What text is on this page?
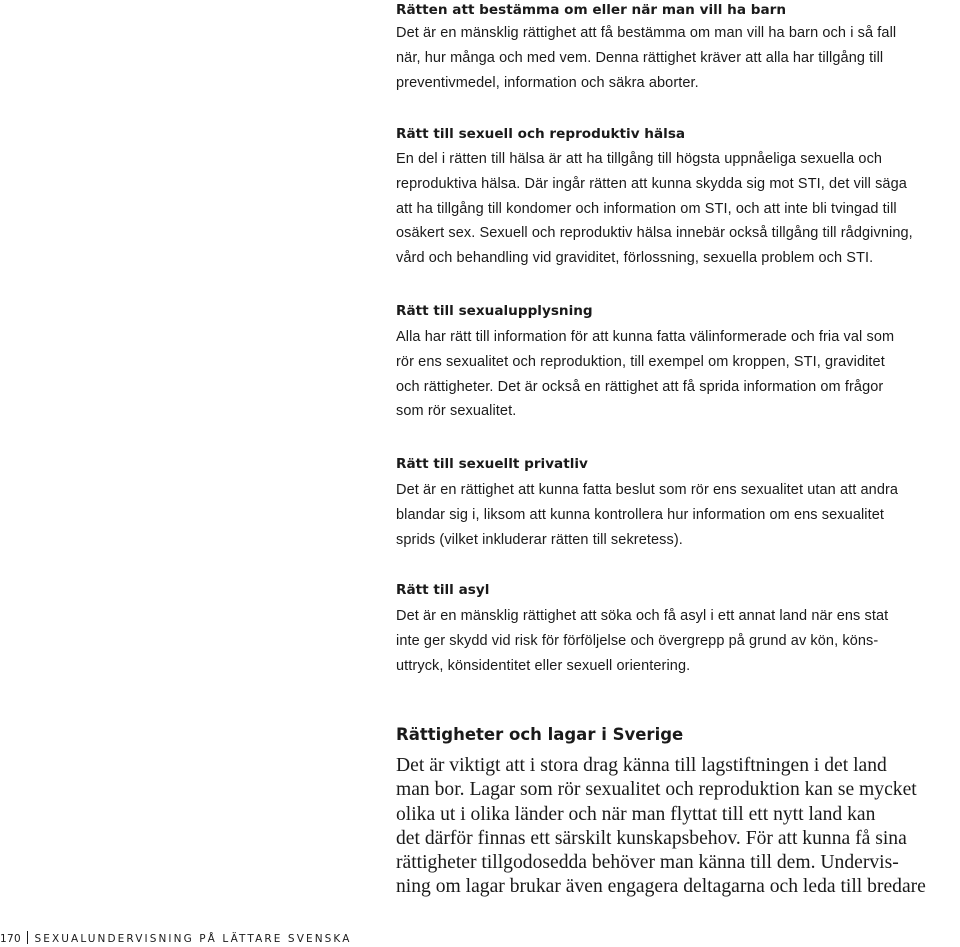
Rätten att bestämma om eller när man vill ha barn
Det är en mänsklig rättighet att få bestämma om man vill ha barn och i så fall
när, hur många och med vem. Denna rättighet kräver att alla har tillgång till
preventivmedel, information och säkra aborter.
Rätt till sexuell och reproduktiv hälsa
En del i rätten till hälsa är att ha tillgång till högsta uppnåeliga sexuella och
reproduktiva hälsa. Där ingår rätten att kunna skydda sig mot STI, det vill säga
att ha tillgång till kondomer och information om STI, och att inte bli tvingad till
osäkert sex. Sexuell och reproduktiv hälsa innebär också tillgång till rådgivning,
vård och behandling vid graviditet, förlossning, sexuella problem och STI.
Rätt till sexualupplysning
Alla har rätt till information för att kunna fatta välinformerade och fria val som
rör ens sexualitet och reproduktion, till exempel om kroppen, STI, graviditet
och rättigheter. Det är också en rättighet att få sprida information om frågor
som rör sexualitet.
Rätt till sexuellt privatliv
Det är en rättighet att kunna fatta beslut som rör ens sexualitet utan att andra
blandar sig i, liksom att kunna kontrollera hur information om ens sexualitet
sprids (vilket inkluderar rätten till sekretess).
Rätt till asyl
Det är en mänsklig rättighet att söka och få asyl i ett annat land när ens stat
inte ger skydd vid risk för förföljelse och övergrepp på grund av kön, köns-
uttryck, könsidentitet eller sexuell orientering.
Rättigheter och lagar i Sverige
Det är viktigt att i stora drag känna till lagstiftningen i det land
man bor. Lagar som rör sexualitet och reproduktion kan se mycket
olika ut i olika länder och när man flyttat till ett nytt land kan
det därför finnas ett särskilt kunskapsbehov. För att kunna få sina
rättigheter tillgodosedda behöver man känna till dem. Undervis-
ning om lagar brukar även engagera deltagarna och leda till bredare
170 SEXUALUNDERVISNING PÅ LÄTTARE SVENSKA
